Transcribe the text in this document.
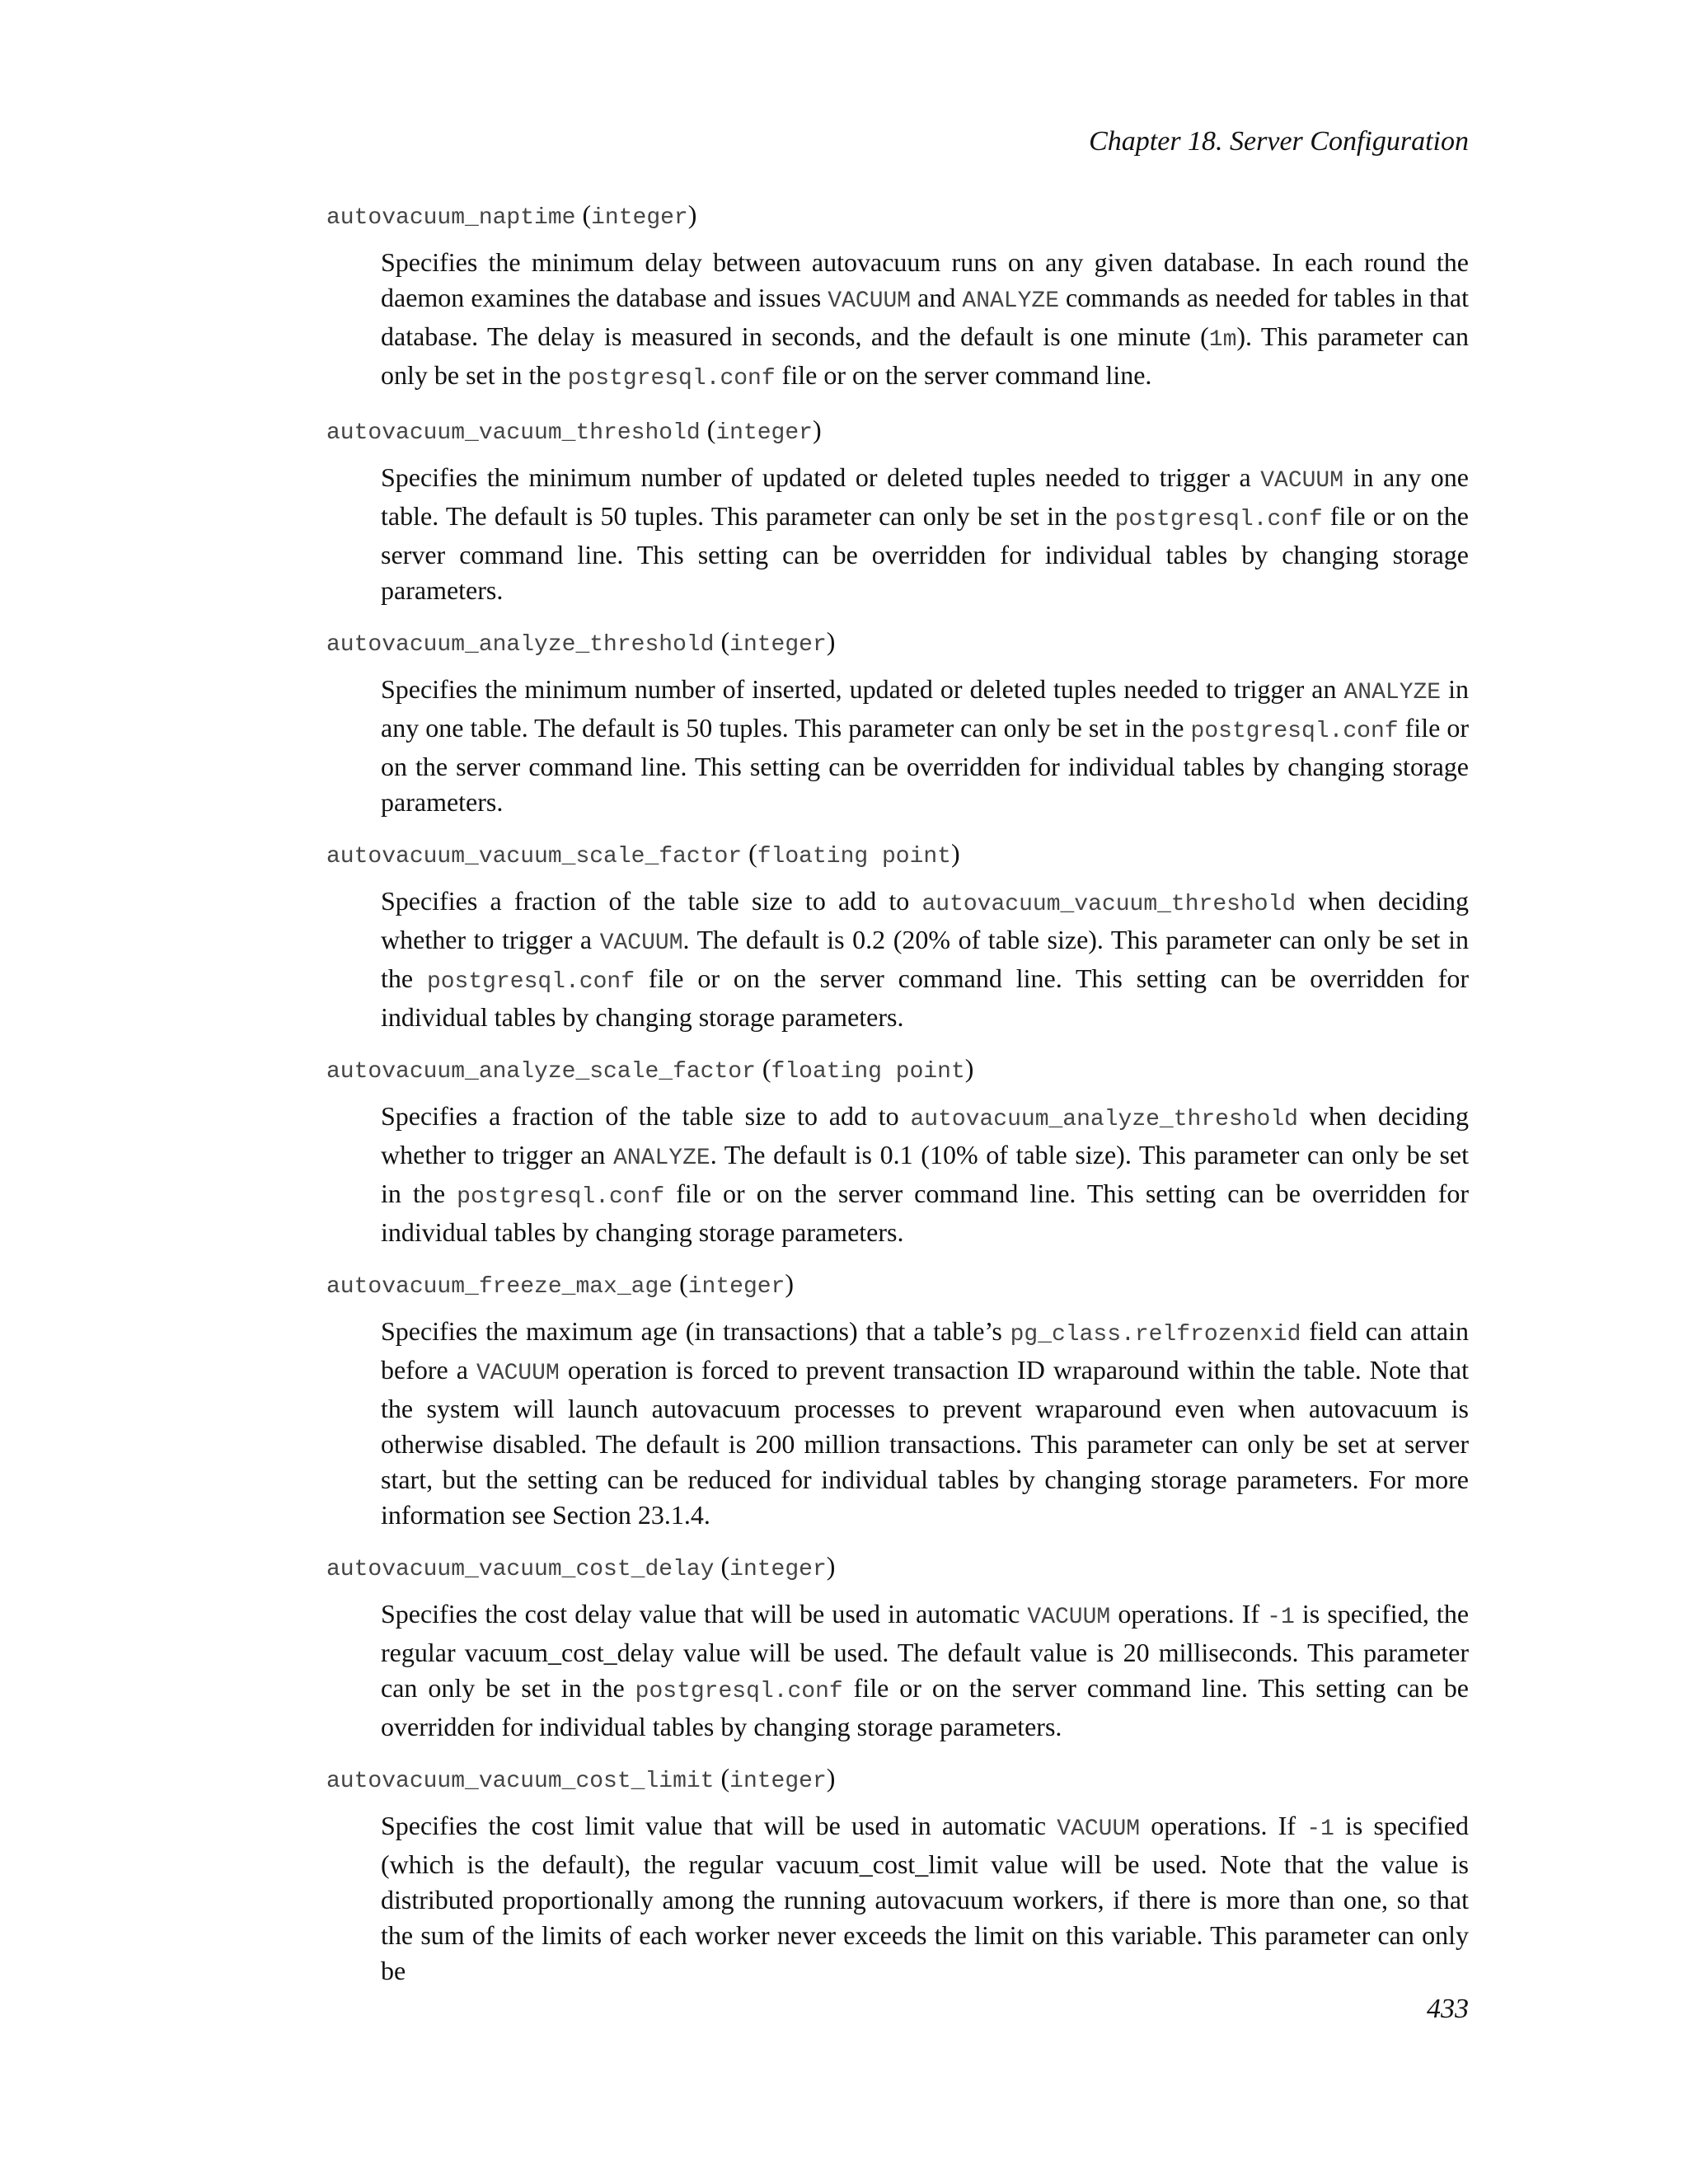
Chapter 18. Server Configuration
autovacuum_naptime (integer)

Specifies the minimum delay between autovacuum runs on any given database. In each round the daemon examines the database and issues VACUUM and ANALYZE commands as needed for tables in that database. The delay is measured in seconds, and the default is one minute (1m). This parameter can only be set in the postgresql.conf file or on the server command line.

autovacuum_vacuum_threshold (integer)

Specifies the minimum number of updated or deleted tuples needed to trigger a VACUUM in any one table. The default is 50 tuples. This parameter can only be set in the postgresql.conf file or on the server command line. This setting can be overridden for individual tables by changing storage parameters.

autovacuum_analyze_threshold (integer)

Specifies the minimum number of inserted, updated or deleted tuples needed to trigger an ANALYZE in any one table. The default is 50 tuples. This parameter can only be set in the postgresql.conf file or on the server command line. This setting can be overridden for individual tables by changing storage parameters.

autovacuum_vacuum_scale_factor (floating point)

Specifies a fraction of the table size to add to autovacuum_vacuum_threshold when deciding whether to trigger a VACUUM. The default is 0.2 (20% of table size). This parameter can only be set in the postgresql.conf file or on the server command line. This setting can be overridden for individual tables by changing storage parameters.

autovacuum_analyze_scale_factor (floating point)

Specifies a fraction of the table size to add to autovacuum_analyze_threshold when deciding whether to trigger an ANALYZE. The default is 0.1 (10% of table size). This parameter can only be set in the postgresql.conf file or on the server command line. This setting can be overridden for individual tables by changing storage parameters.

autovacuum_freeze_max_age (integer)

Specifies the maximum age (in transactions) that a table’s pg_class.relfrozenxid field can attain before a VACUUM operation is forced to prevent transaction ID wraparound within the table. Note that the system will launch autovacuum processes to prevent wraparound even when autovacuum is otherwise disabled. The default is 200 million transactions. This parameter can only be set at server start, but the setting can be reduced for individual tables by changing storage parameters. For more information see Section 23.1.4.

autovacuum_vacuum_cost_delay (integer)

Specifies the cost delay value that will be used in automatic VACUUM operations. If -1 is specified, the regular vacuum_cost_delay value will be used. The default value is 20 milliseconds. This parameter can only be set in the postgresql.conf file or on the server command line. This setting can be overridden for individual tables by changing storage parameters.

autovacuum_vacuum_cost_limit (integer)

Specifies the cost limit value that will be used in automatic VACUUM operations. If -1 is specified (which is the default), the regular vacuum_cost_limit value will be used. Note that the value is distributed proportionally among the running autovacuum workers, if there is more than one, so that the sum of the limits of each worker never exceeds the limit on this variable. This parameter can only be

433
